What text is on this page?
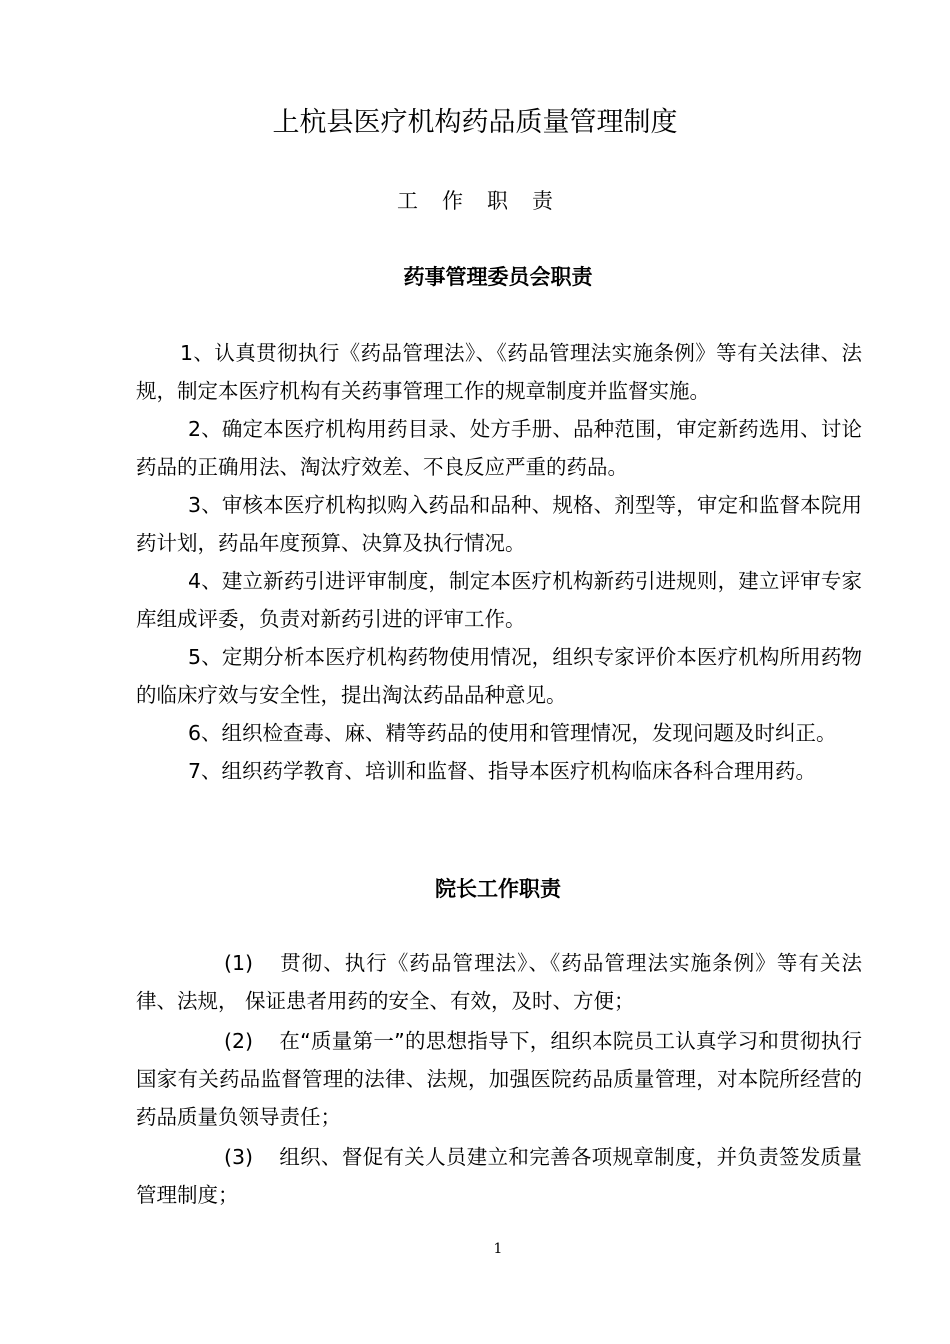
上杭县医疗机构药品质量管理制度
工作职责
药事管理委员会职责
1、认真贯彻执行《药品管理法》、《药品管理法实施条例》等有关法律、法规，制定本医疗机构有关药事管理工作的规章制度并监督实施。
2、确定本医疗机构用药目录、处方手册、品种范围，审定新药选用、讨论药品的正确用法、淘汰疗效差、不良反应严重的药品。
3、审核本医疗机构拟购入药品和品种、规格、剂型等，审定和监督本院用药计划，药品年度预算、决算及执行情况。
4、建立新药引进评审制度，制定本医疗机构新药引进规则，建立评审专家库组成评委，负责对新药引进的评审工作。
5、定期分析本医疗机构药物使用情况，组织专家评价本医疗机构所用药物的临床疗效与安全性，提出淘汰药品品种意见。
6、组织检查毒、麻、精等药品的使用和管理情况，发现问题及时纠正。
7、组织药学教育、培训和监督、指导本医疗机构临床各科合理用药。
院长工作职责
(1) 贯彻、执行《药品管理法》、《药品管理法实施条例》等有关法律、法规， 保证患者用药的安全、有效，及时、方便；
(2) 在“质量第一”的思想指导下，组织本院员工认真学习和贯彻执行国家有关药品监督管理的法律、法规，加强医院药品质量管理，对本院所经营的药品质量负领导责任；
(3) 组织、督促有关人员建立和完善各项规章制度，并负责签发质量管理制度；
1
